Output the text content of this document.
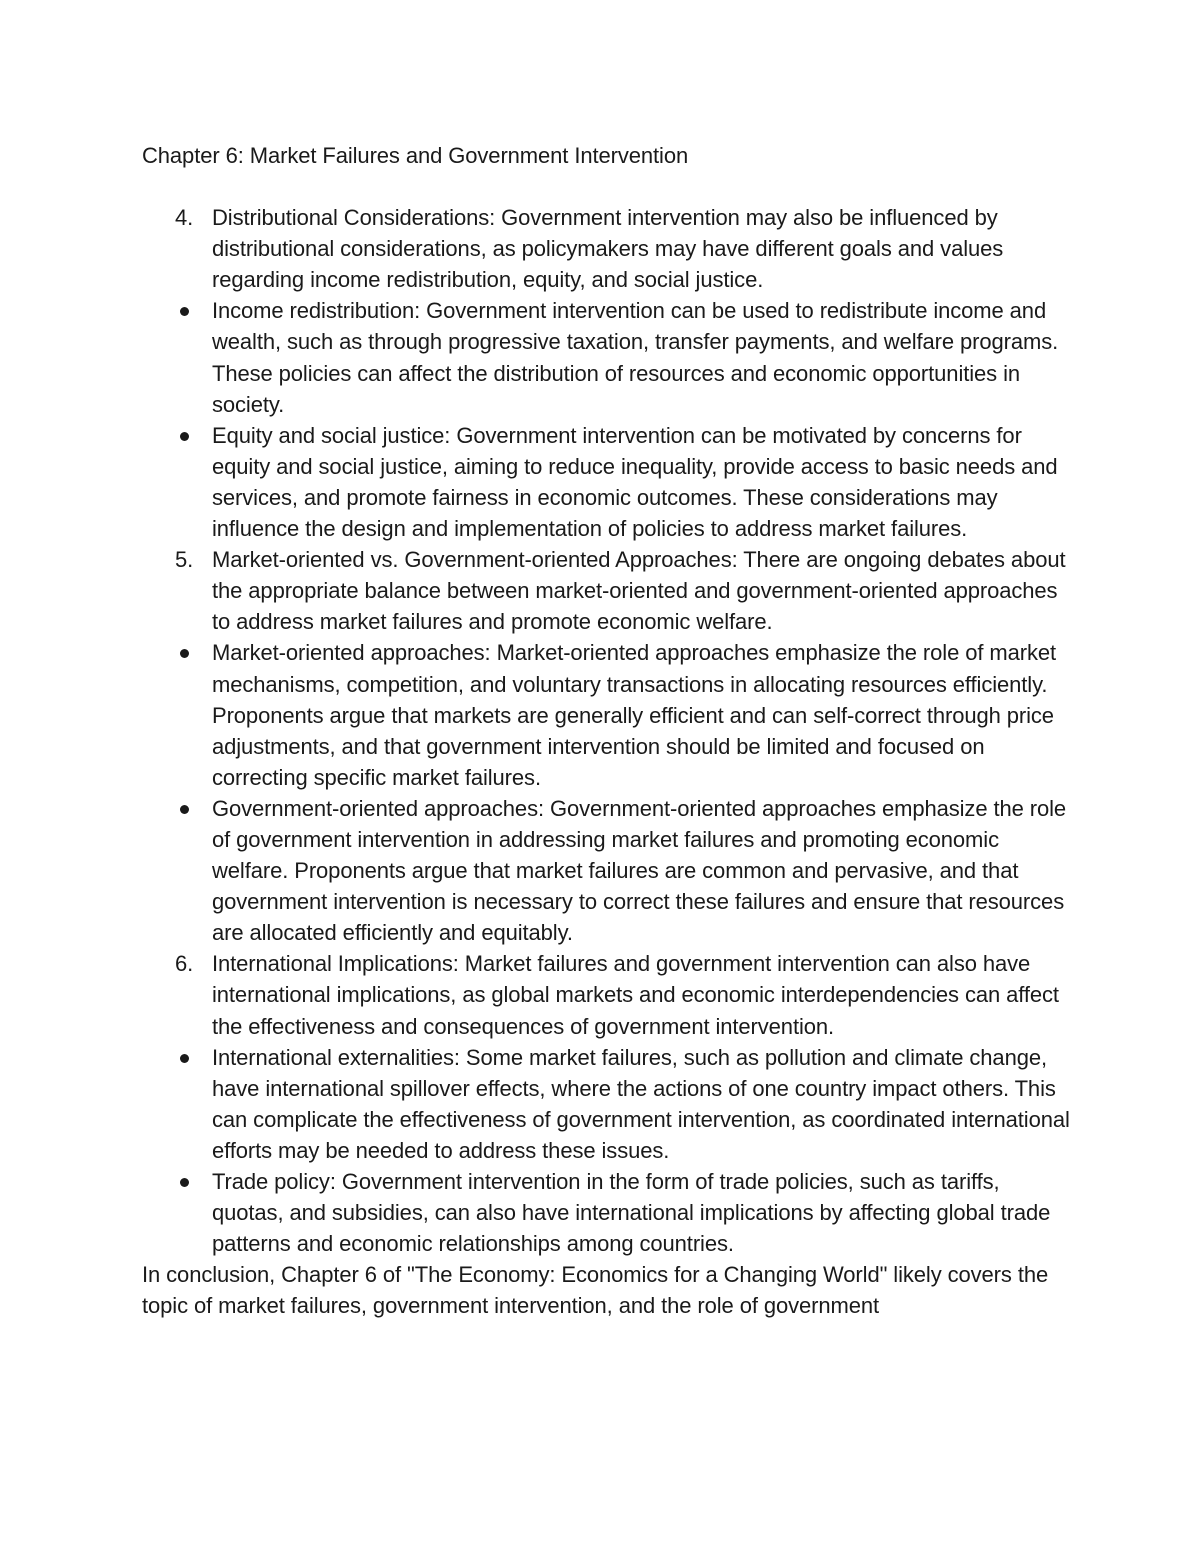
Chapter 6: Market Failures and Government Intervention

4. Distributional Considerations: Government intervention may also be influenced by distributional considerations, as policymakers may have different goals and values regarding income redistribution, equity, and social justice.
Income redistribution: Government intervention can be used to redistribute income and wealth, such as through progressive taxation, transfer payments, and welfare programs. These policies can affect the distribution of resources and economic opportunities in society.
Equity and social justice: Government intervention can be motivated by concerns for equity and social justice, aiming to reduce inequality, provide access to basic needs and services, and promote fairness in economic outcomes. These considerations may influence the design and implementation of policies to address market failures.
5. Market-oriented vs. Government-oriented Approaches: There are ongoing debates about the appropriate balance between market-oriented and government-oriented approaches to address market failures and promote economic welfare.
Market-oriented approaches: Market-oriented approaches emphasize the role of market mechanisms, competition, and voluntary transactions in allocating resources efficiently. Proponents argue that markets are generally efficient and can self-correct through price adjustments, and that government intervention should be limited and focused on correcting specific market failures.
Government-oriented approaches: Government-oriented approaches emphasize the role of government intervention in addressing market failures and promoting economic welfare. Proponents argue that market failures are common and pervasive, and that government intervention is necessary to correct these failures and ensure that resources are allocated efficiently and equitably.
6. International Implications: Market failures and government intervention can also have international implications, as global markets and economic interdependencies can affect the effectiveness and consequences of government intervention.
International externalities: Some market failures, such as pollution and climate change, have international spillover effects, where the actions of one country impact others. This can complicate the effectiveness of government intervention, as coordinated international efforts may be needed to address these issues.
Trade policy: Government intervention in the form of trade policies, such as tariffs, quotas, and subsidies, can also have international implications by affecting global trade patterns and economic relationships among countries.

In conclusion, Chapter 6 of "The Economy: Economics for a Changing World" likely covers the topic of market failures, government intervention, and the role of government
